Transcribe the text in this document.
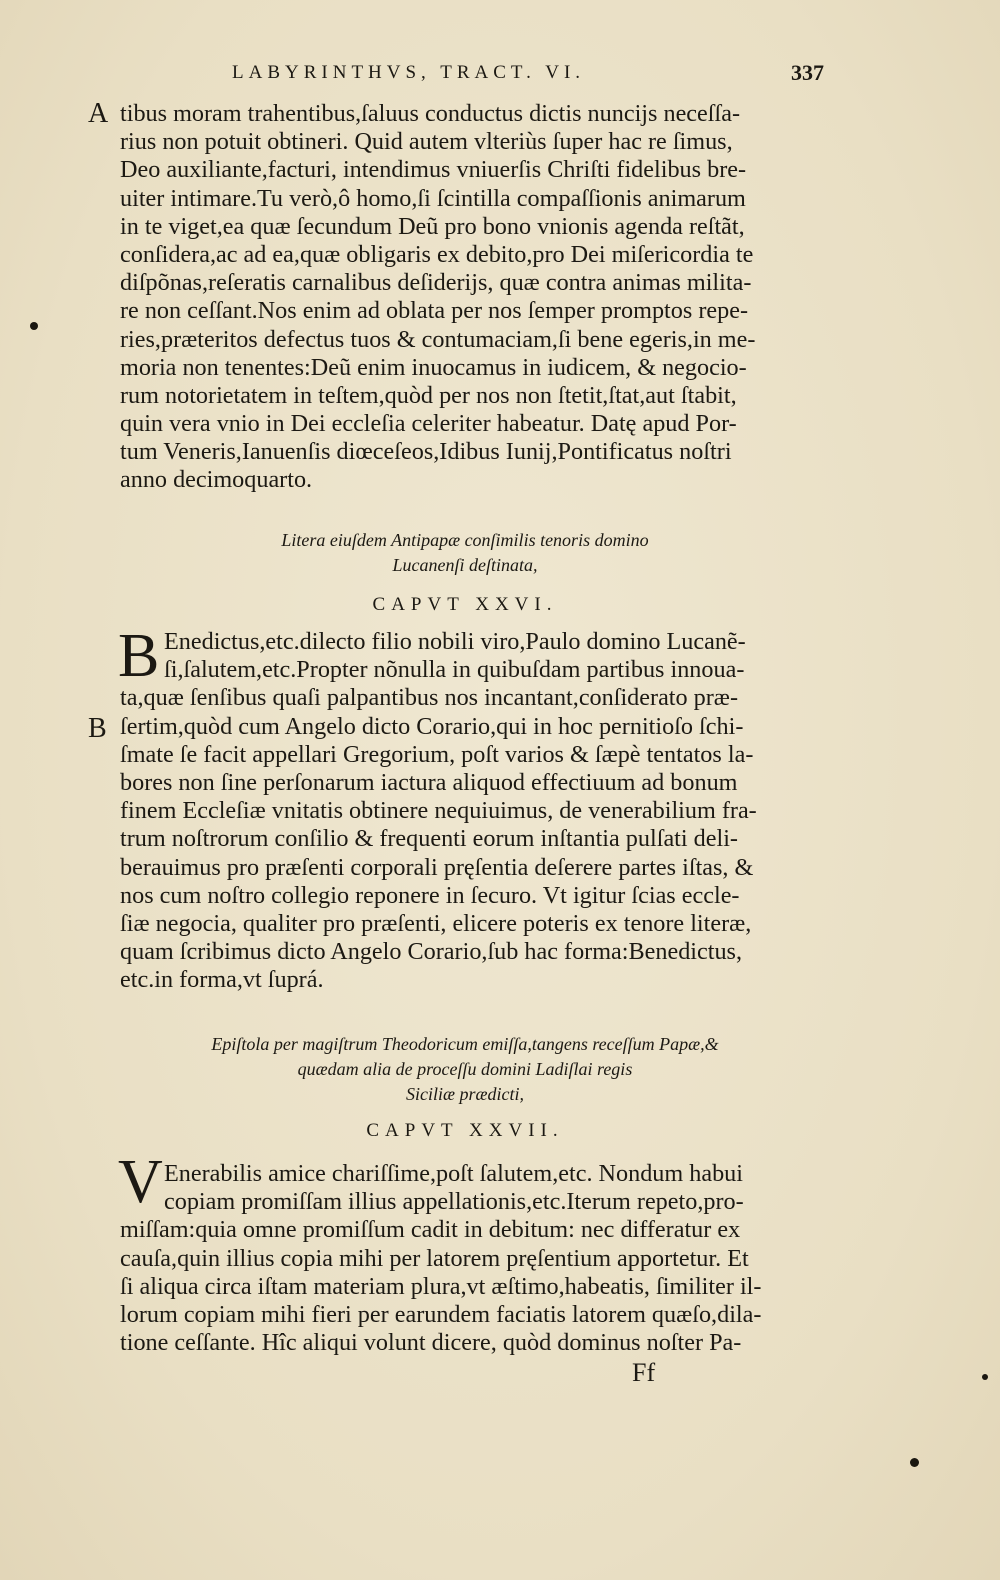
LABYRINTHVS, TRACT. VI.	337
A
B
tibus moram trahentibus,ſaluus conductus dictis nuncijs neceſſa-
rius non potuit obtineri. Quid autem vlteriùs ſuper hac re ſimus,
Deo auxiliante,facturi, intendimus vniuerſis Chriſti fidelibus bre-
uiter intimare.Tu verò,ô homo,ſi ſcintilla compaſſionis animarum
in te viget,ea quæ ſecundum Deũ pro bono vnionis agenda reſtãt,
conſidera,ac ad ea,quæ obligaris ex debito,pro Dei miſericordia te
diſpõnas,reſeratis carnalibus deſiderijs, quæ contra animas milita-
re non ceſſant.Nos enim ad oblata per nos ſemper promptos repe-
ries,præteritos defectus tuos & contumaciam,ſi bene egeris,in me-
moria non tenentes:Deũ enim inuocamus in iudicem, & negocio-
rum notorietatem in teſtem,quòd per nos non ſtetit,ſtat,aut ſtabit,
quin vera vnio in Dei eccleſia celeriter habeatur. Datę apud Por-
tum Veneris,Ianuenſis diœceſeos,Idibus Iunij,Pontificatus noſtri
anno decimoquarto.
Litera eiuſdem Antipapæ conſimilis tenoris domino
Lucanenſi deſtinata,
CAPVT XXVI.
B Enedictus,etc.dilecto filio nobili viro,Paulo domino Lucanẽ-
ſi,ſalutem,etc.Propter nõnulla in quibuſdam partibus innoua-
ta,quæ ſenſibus quaſi palpantibus nos incantant,conſiderato præ-
ſertim,quòd cum Angelo dicto Corario,qui in hoc pernitioſo ſchi-
ſmate ſe facit appellari Gregorium, poſt varios & ſæpè tentatos la-
bores non ſine perſonarum iactura aliquod effectiuum ad bonum
finem Eccleſiæ vnitatis obtinere nequiuimus, de venerabilium fra-
trum noſtrorum conſilio & frequenti eorum inſtantia pulſati deli-
berauimus pro præſenti corporali pręſentia deſerere partes iſtas, &
nos cum noſtro collegio reponere in ſecuro. Vt igitur ſcias eccle-
ſiæ negocia, qualiter pro præſenti, elicere poteris ex tenore literæ,
quam ſcribimus dicto Angelo Corario,ſub hac forma:Benedictus,
etc.in forma,vt ſuprá.
Epiſtola per magiſtrum Theodoricum emiſſa,tangens receſſum Papæ,&
quædam alia de proceſſu domini Ladiſlai regis
Siciliæ prædicti,
CAPVT XXVII.
V Enerabilis amice chariſſime,poſt ſalutem,etc. Nondum habui
copiam promiſſam illius appellationis,etc.Iterum repeto,pro-
miſſam:quia omne promiſſum cadit in debitum: nec differatur ex
cauſa,quin illius copia mihi per latorem pręſentium apportetur. Et
ſi aliqua circa iſtam materiam plura,vt æſtimo,habeatis, ſimiliter il-
lorum copiam mihi fieri per earundem faciatis latorem quæſo,dila-
tione ceſſante. Hîc aliqui volunt dicere, quòd dominus noſter Pa-
Ff
